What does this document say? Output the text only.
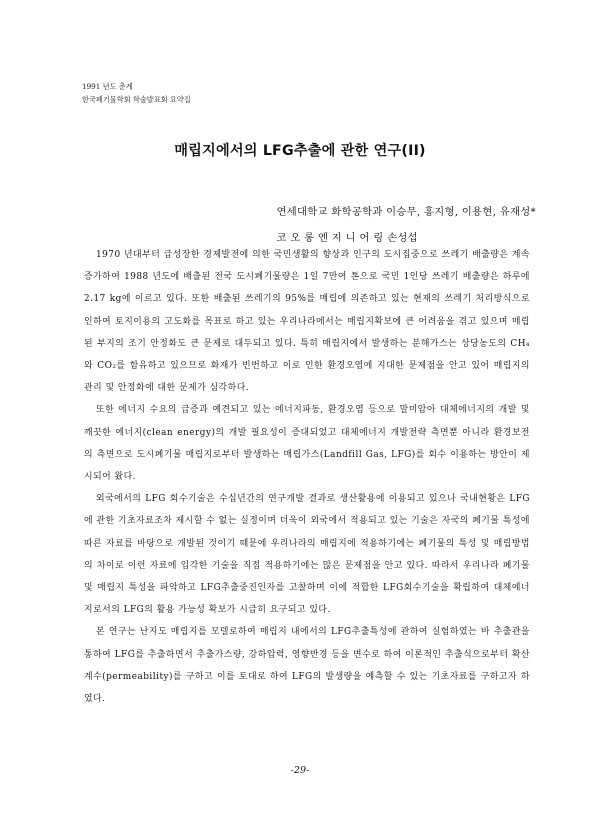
1991 년도 춘계
한국폐기물학회 학술발표회 요약집
매립지에서의 LFG추출에 관한 연구(II)
연세대학교 화학공학과 이승무, 홍지형, 이용현, 유재성*
코 오 롱 엔 지 니 어 링 손성섭

1970 년대부터 급성장한 경제발전에 의한 국민생활의 향상과 인구의 도시집중으로 쓰레기 배출량은 계속 증가하여 1988 년도에 배출된 전국 도시폐기물량은 1일 7만여 톤으로 국민 1인당 쓰레기 배출량은 하루에 2.17 kg에 이르고 있다. 또한 배출된 쓰레기의 95%를 매립에 의존하고 있는 현재의 쓰레기 처리방식으로 인하여 토지이용의 고도화를 목표로 하고 있는 우리나라에서는 매립지확보에 큰 어려움을 겪고 있으며 매립된 부지의 조기 안정화도 큰 문제로 대두되고 있다. 특히 매립지에서 발생하는 분해가스는 상당농도의 CH₄와 CO₂를 함유하고 있으므로 화재가 빈번하고 이로 인한 환경오염에 지대한 문제점을 안고 있어 매립지의 관리 및 안정화에 대한 문제가 심각하다.

또한 에너지 수요의 급증과 예견되고 있는 에너지파동, 환경오염 등으로 말미암아 대체에너지의 개발 및 깨끗한 에너지(clean energy)의 개발 필요성이 증대되었고 대체에너지 개발전략 측면뿐 아니라 환경보전의 측면으로 도시폐기물 매립지로부터 발생하는 매립가스(Landfill Gas, LFG)를 회수 이용하는 방안이 제시되어 왔다.

외국에서의 LFG 회수기술은 수십년간의 연구개발 결과로 생산활용에 이용되고 있으나 국내현황은 LFG에 관한 기초자료조차 제시할 수 없는 실정이며 더욱이 외국에서 적용되고 있는 기술은 자국의 폐기물 특성에 따른 자료를 바탕으로 개발된 것이기 때문에 우리나라의 매립지에 적용하기에는 폐기물의 특성 및 매립방법의 차이로 이런 자료에 입각한 기술을 직접 적용하기에는 많은 문제점을 안고 있다. 따라서 우리나라 폐기물 및 매립지 특성을 파악하고 LFG추출중진인자를 고찰하며 이에 적합한 LFG회수기술을 확립하여 대체에너지로서의 LFG의 활용 가능성 확보가 시급히 요구되고 있다.

본 연구는 난지도 매립지를 모델로하여 매립지 내에서의 LFG추출특성에 관하여 실험하였는 바 추출관을 통하여 LFG를 추출하면서 추출가스량, 강하압력, 영향반경 등을 변수로 하여 이론적인 추출식으로부터 확산계수(permeability)를 구하고 이를 토대로 하여 LFG의 발생량을 예측할 수 있는 기초자료를 구하고자 하였다.

-29-
